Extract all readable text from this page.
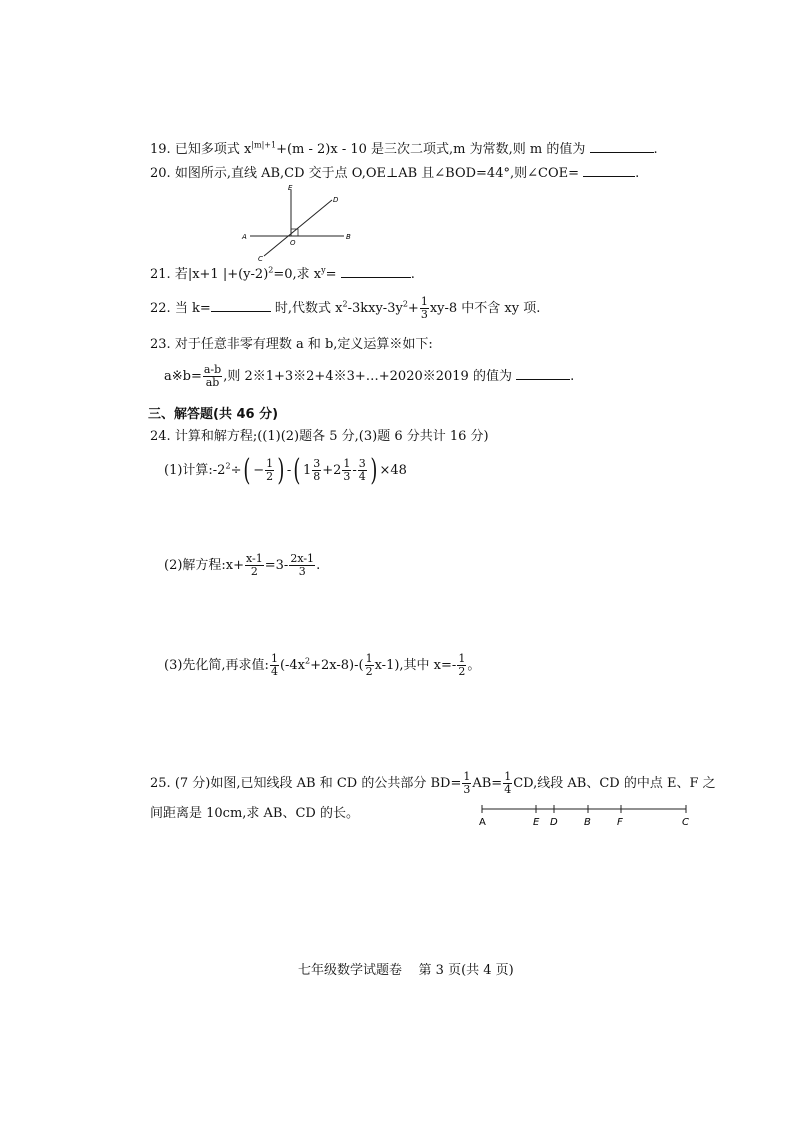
19. 已知多项式 $x^{|m|+1}+(m - 2)x - 10$ 是三次二项式,m 为常数,则 m 的值为	.
20. 如图所示,直线 AB,CD 交于点 O,OE⊥AB 且∠BOD=44°,则∠COE=	.
E
D
A
O
B
C
21. 若|x+1 $|+(y-2)^2=0$,求 $x^y=$	.
22. 当 k=	时,代数式 $x^2-3kxy-3y^2+ \frac{1}{3} xy-8$ 中不含 xy 项.
23. 对于任意非零有理数 a 和 b,定义运算※如下:
a※b= $\frac{a-b}{ab}$ ,则 2※1+3※2+4※3+…+2020※2019 的值为	.
三、解答题(共 46 分)
24. 计算和解方程;((1)(2)题各 5 分,(3)题 6 分共计 16 分)
(1)计算$:-2^2\div( - \frac{1}{2}$ ) -( $1 \frac{3}{8} +2 \frac{1}{3} - \frac{3}{4}$ ) ×48
(2)解方程:x+ $\frac{x-1}{2} =3- \frac{2x-1}{3}$ .
(3)先化简,再求值: $\frac{1}{4} (-4x^2+2x-8)-( \frac{1}{2} x-1)$,其中 $x=- \frac{1}{2}$ 。
25. (7 分)如图,已知线段 AB 和 CD 的公共部分 $BD= \frac{1}{3} AB= \frac{1}{4}$ CD,线段 AB、CD 的中点 E、F 之
间距离是 10cm,求 AB、CD 的长。
A	E D	B	F	C
七年级数学试题卷    第 3 页(共 4 页)
